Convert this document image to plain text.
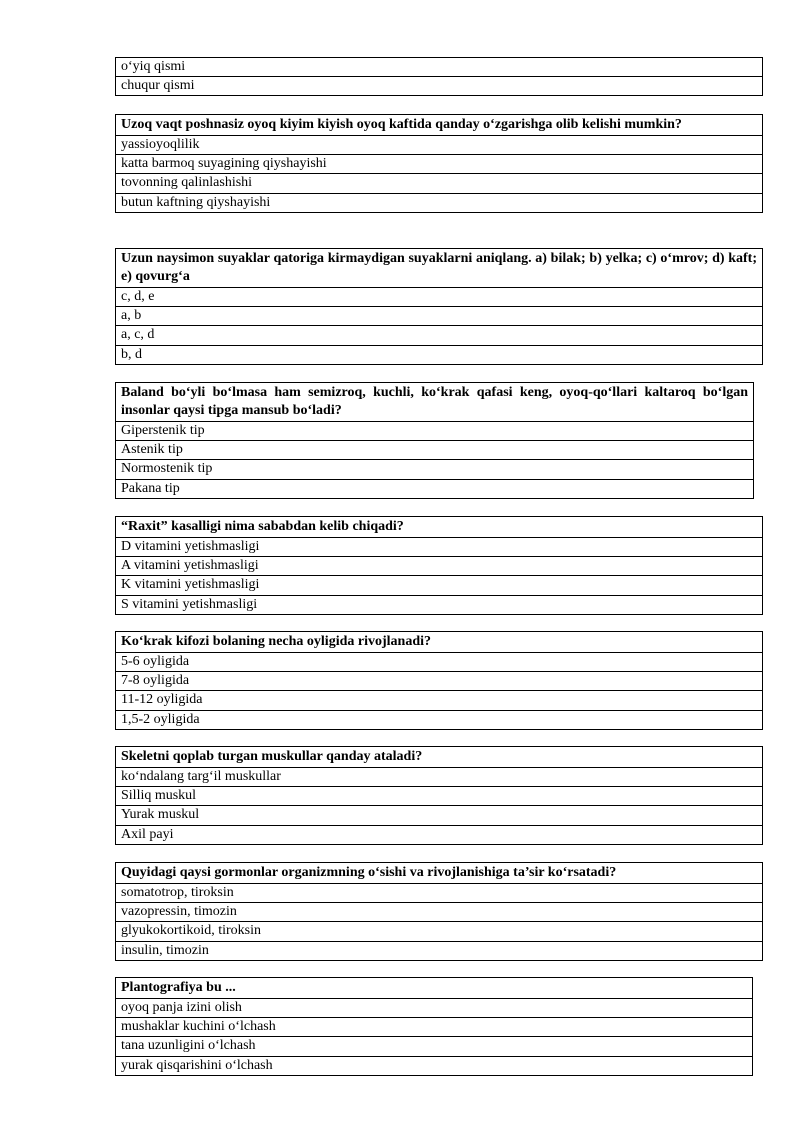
o‘yiq qismi
chuqur qismi
Uzoq vaqt poshnasiz oyoq kiyim kiyish oyoq kaftida qanday o‘zgarishga olib kelishi mumkin?
yassioyoqlilik
katta barmoq suyagining qiyshayishi
tovonning qalinlashishi
butun kaftning qiyshayishi
Uzun naysimon suyaklar qatoriga kirmaydigan suyaklarni aniqlang. a) bilak; b) yelka; c) o‘mrov; d) kaft; e) qovurg‘a
c, d, e
a, b
a, c, d
b, d
Baland bo‘yli bo‘lmasa ham semizroq, kuchli, ko‘krak qafasi keng, oyoq-qo‘llari kaltaroq bo‘lgan insonlar qaysi tipga mansub bo‘ladi?
Giperstenik tip
Astenik tip
Normostenik tip
Pakana tip
“Raxit” kasalligi nima sababdan kelib chiqadi?
D vitamini yetishmasligi
A vitamini yetishmasligi
K vitamini yetishmasligi
S vitamini yetishmasligi
Ko‘krak kifozi bolaning necha oyligida rivojlanadi?
5-6 oyligida
7-8 oyligida
11-12 oyligida
1,5-2 oyligida
Skeletni qoplab turgan muskullar qanday ataladi?
ko‘ndalang targ‘il muskullar
Silliq muskul
Yurak muskul
Axil payi
Quyidagi qaysi gormonlar organizmning o‘sishi va rivojlanishiga ta’sir ko‘rsatadi?
somatotrop, tiroksin
vazopressin, timozin
glyukokortikoid, tiroksin
insulin, timozin
Plantografiya bu ...
oyoq panja izini olish
mushaklar kuchini o‘lchash
tana uzunligini o‘lchash
yurak qisqarishini o‘lchash
